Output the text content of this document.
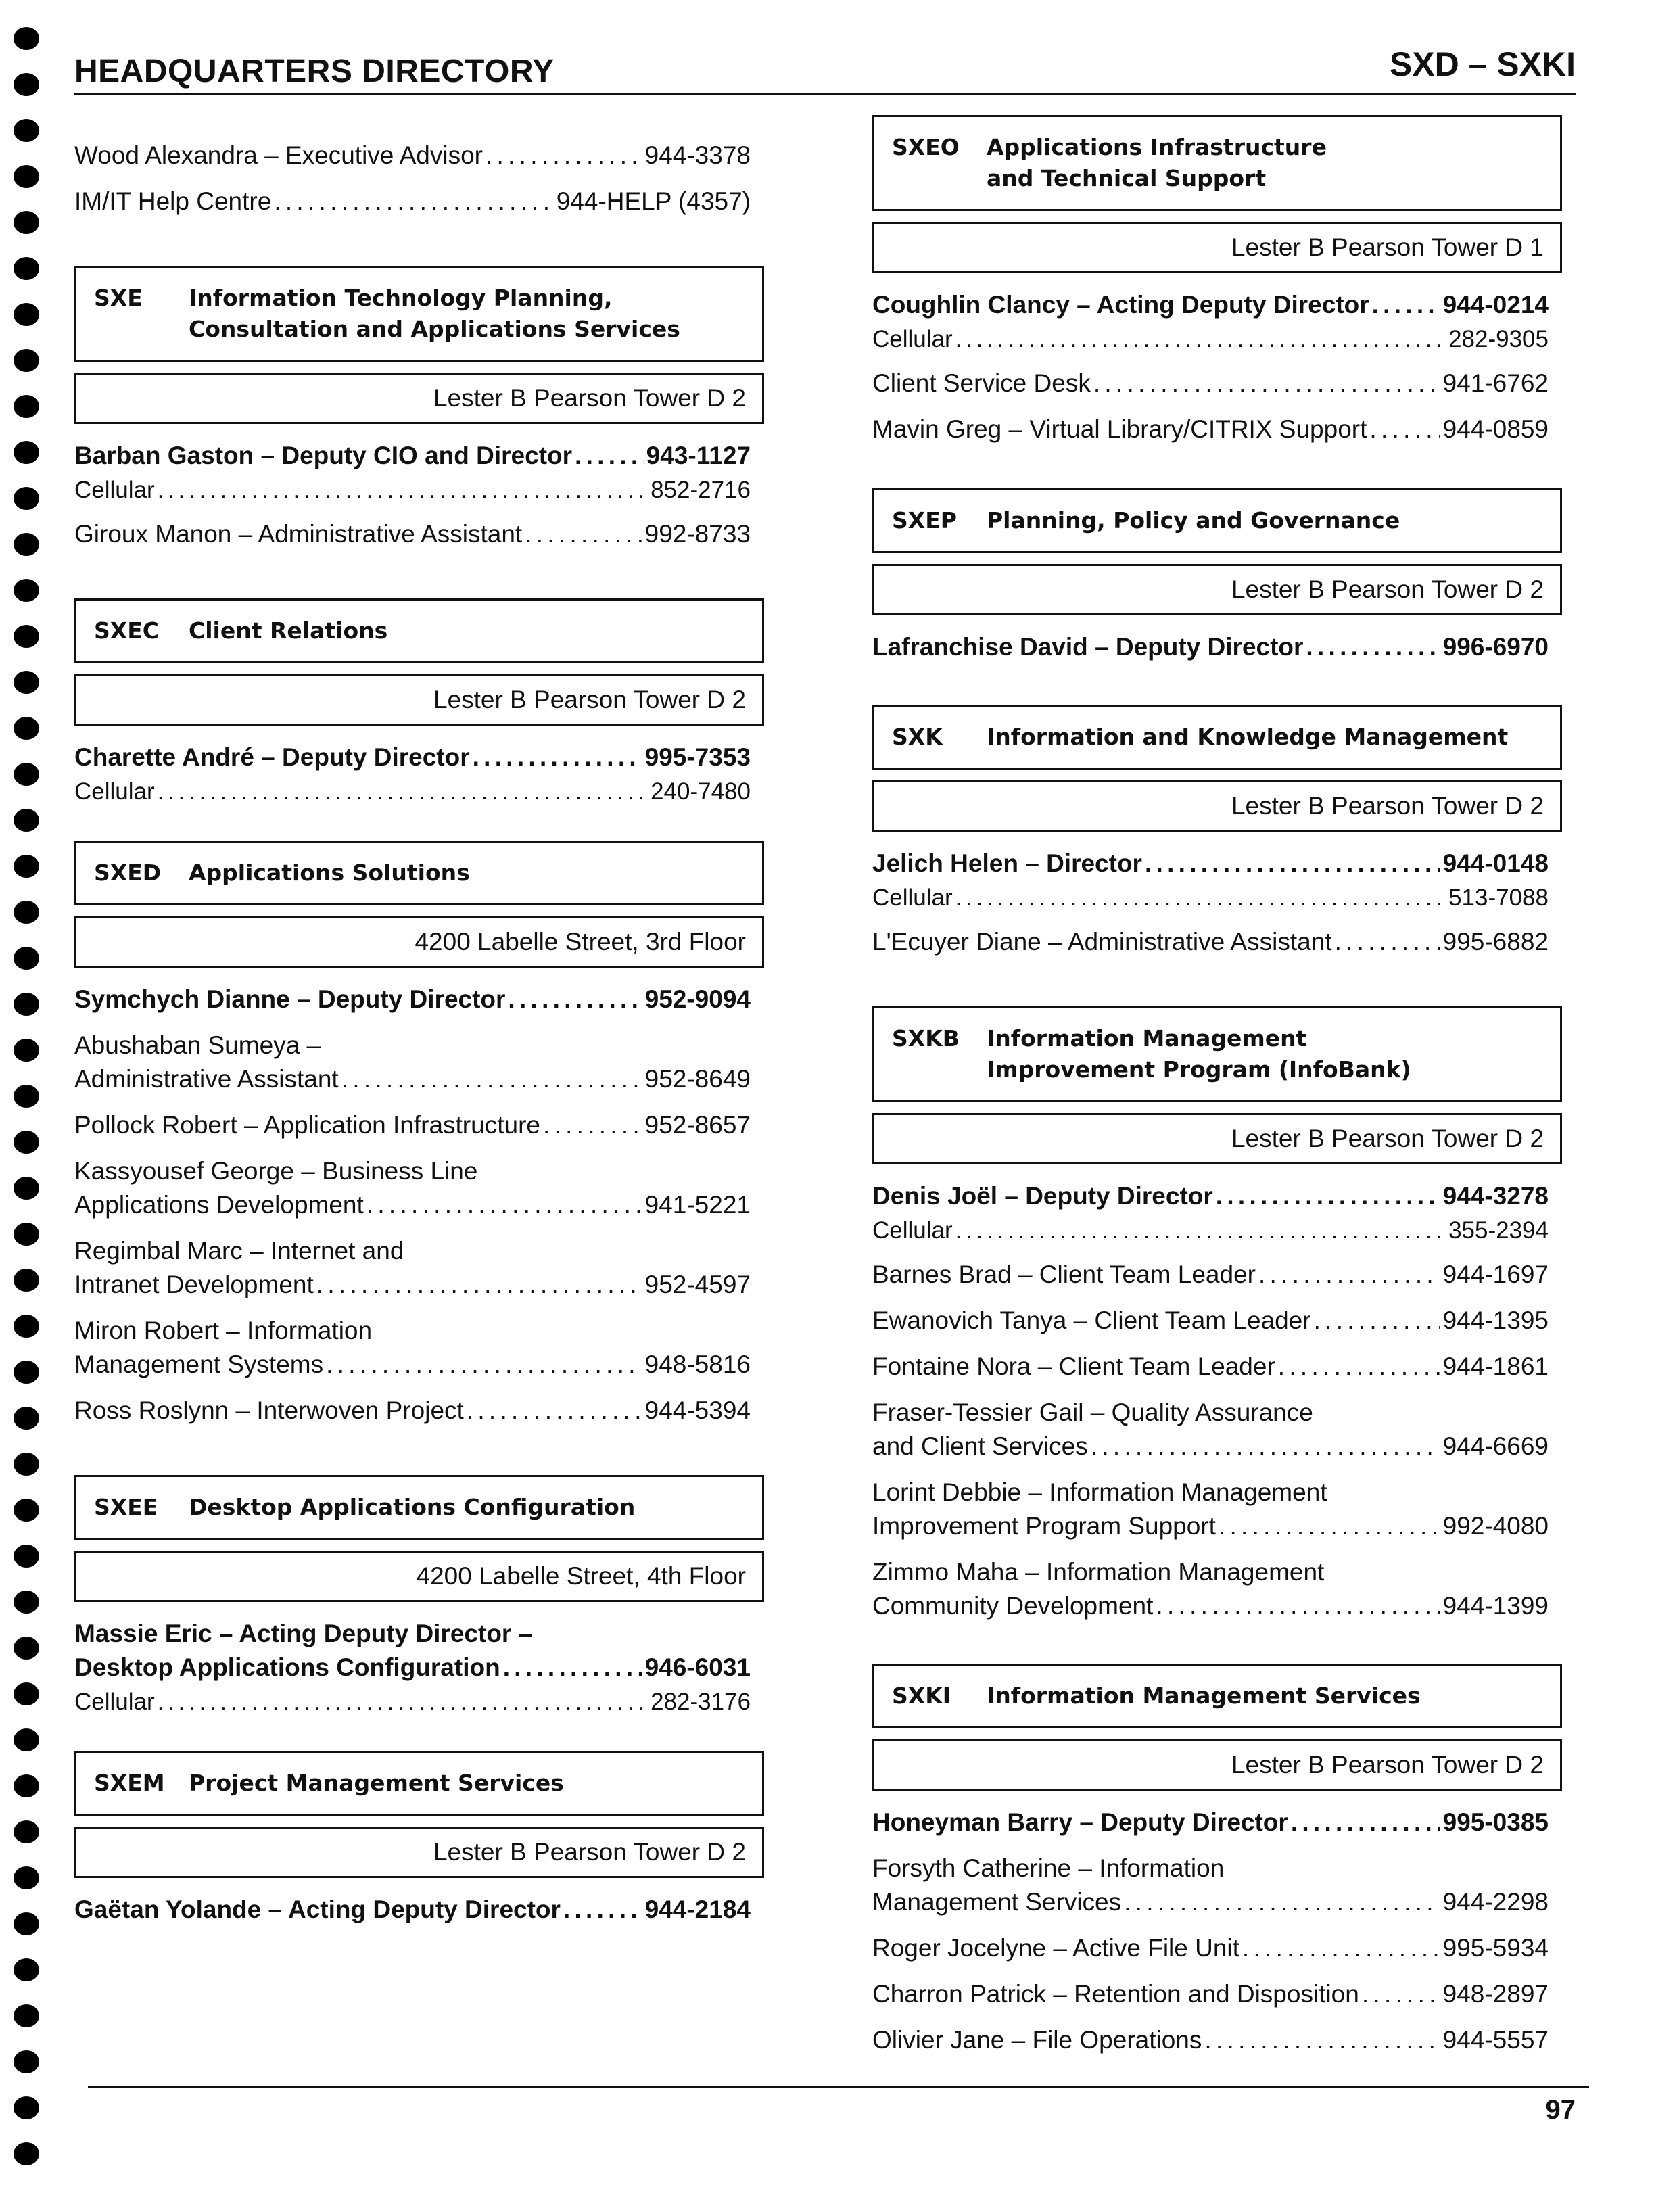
HEADQUARTERS DIRECTORY	SXD – SXKI
Wood Alexandra – Executive Advisor . . .	944-3378
IM/IT Help Centre . . .	944-HELP (4357)
SXE	Information Technology Planning,
Consultation and Applications Services
Lester B Pearson Tower D 2
Barban Gaston – Deputy CIO and Director . . .	943-1127
Cellular . . .	852-2716
Giroux Manon – Administrative Assistant . . .	992-8733
SXEC	Client Relations
Lester B Pearson Tower D 2
Charette André – Deputy Director . . .	995-7353
Cellular . . .	240-7480
SXED	Applications Solutions
4200 Labelle Street, 3rd Floor
Symchych Dianne – Deputy Director . . .	952-9094
Abushaban Sumeya –
Administrative Assistant . . .	952-8649
Pollock Robert – Application Infrastructure . . .	952-8657
Kassyousef George – Business Line
Applications Development . . .	941-5221
Regimbal Marc – Internet and
Intranet Development . . .	952-4597
Miron Robert – Information
Management Systems . . .	948-5816
Ross Roslynn – Interwoven Project . . .	944-5394
SXEE	Desktop Applications Configuration
4200 Labelle Street, 4th Floor
Massie Eric – Acting Deputy Director –
Desktop Applications Configuration . . .	946-6031
Cellular . . .	282-3176
SXEM	Project Management Services
Lester B Pearson Tower D 2
Gaëtan Yolande – Acting Deputy Director . . .	944-2184
SXEO	Applications Infrastructure
and Technical Support
Lester B Pearson Tower D 1
Coughlin Clancy – Acting Deputy Director . . .	944-0214
Cellular . . .	282-9305
Client Service Desk . . .	941-6762
Mavin Greg – Virtual Library/CITRIX Support . . .	944-0859
SXEP	Planning, Policy and Governance
Lester B Pearson Tower D 2
Lafranchise David – Deputy Director . . .	996-6970
SXK	Information and Knowledge Management
Lester B Pearson Tower D 2
Jelich Helen – Director . . .	944-0148
Cellular . . .	513-7088
L'Ecuyer Diane – Administrative Assistant . . .	995-6882
SXKB	Information Management
Improvement Program (InfoBank)
Lester B Pearson Tower D 2
Denis Joël – Deputy Director . . .	944-3278
Cellular . . .	355-2394
Barnes Brad – Client Team Leader . . .	944-1697
Ewanovich Tanya – Client Team Leader . . .	944-1395
Fontaine Nora – Client Team Leader . . .	944-1861
Fraser-Tessier Gail – Quality Assurance
and Client Services . . .	944-6669
Lorint Debbie – Information Management
Improvement Program Support . . .	992-4080
Zimmo Maha – Information Management
Community Development . . .	944-1399
SXKI	Information Management Services
Lester B Pearson Tower D 2
Honeyman Barry – Deputy Director . . .	995-0385
Forsyth Catherine – Information
Management Services . . .	944-2298
Roger Jocelyne – Active File Unit . . .	995-5934
Charron Patrick – Retention and Disposition . . .	948-2897
Olivier Jane – File Operations . . .	944-5557
97
